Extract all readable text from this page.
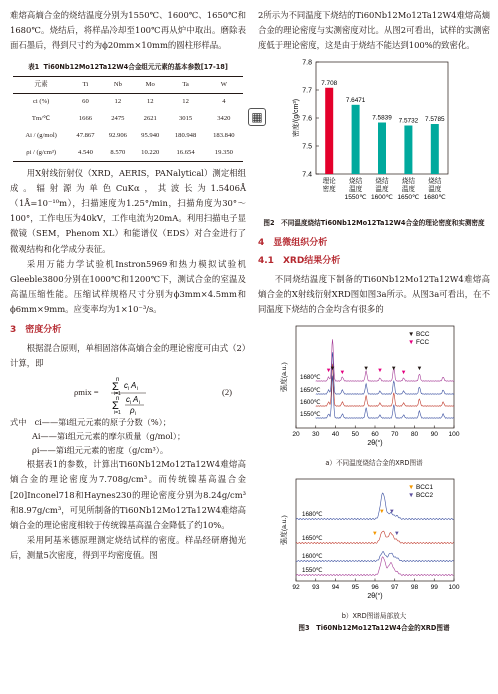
难熔高熵合金的烧结温度分别为1550℃、1600℃、1650℃和1680℃。烧结后，将样品冷却至100℃再从炉中取出。磨除表面石墨后，得到尺寸约为ϕ20mm×10mm的圆柱形样品。

表1 Ti60Nb12Mo12Ta12W4合金组元元素的基本参数[17-18]
元素	Ti	Nb	Mo	Ta	W
ci (%)	60	12	12	12	4
Tm/℃	1666	2475	2621	3015	3420
Ai / (g/mol)	47.867	92.906	95.940	180.948	183.840
ρi / (g/cm³)	4.540	8.570	10.220	16.654	19.350

用X射线衍射仪（XRD，AERIS，PANalytical）测定相组成。辐射源为单色CuKα，其波长为1.5406Å（1Å=10⁻¹⁰m），扫描速度为1.25°/min，扫描角度为30°～100°，工作电压为40kV，工作电流为20mA。利用扫描电子显微镜（SEM，Phenom XL）和能谱仪（EDS）对合金进行了微观结构和化学成分表征。

采用万能力学试验机Instron5969和热力模拟试验机Gleeble3800分别在1000℃和1200℃下，测试合金的室温及高温压缩性能。压缩试样规格尺寸分别为ϕ3mm×4.5mm和ϕ6mm×9mm。应变率均为1×10⁻³/s。

3　密度分析

根据混合原则，单相固溶体高熵合金的理论密度可由式（2）计算，即

ρmix =
n
Σ
i=1
c i A i
n
Σ
i=1
c i A i
ρ i
(2)
式中　ci——第i组元元素的原子分数（%）；
Ai——第i组元元素的摩尔质量（g/mol）；
ρi——第i组元元素的密度（g/cm³）。

根据表1的参数，计算出Ti60Nb12Mo12Ta12W4难熔高熵合金的理论密度为7.708g/cm³。而传统镍基高温合金[20]Inconel718和Haynes230的理论密度分别为8.24g/cm³和8.97g/cm³，可见所制备的Ti60Nb12Mo12Ta12W4难熔高熵合金的理论密度相较于传统镍基高温合金降低了约10%。

采用阿基米德原理测定烧结试样的密度。样品经研磨抛光后，测量5次密度，得到平均密度值。图

▦

2所示为不同温度下烧结的Ti60Nb12Mo12Ta12W4难熔高熵合金的理论密度与实测密度对比。从图2可看出，试样的实测密度低于理论密度，这是由于烧结不能达到100%的致密化。

7.4
7.5
7.6
7.7
7.8
密度/(g/cm³)
7.708
理论
密度
7.6471
烧结
温度
1550℃
7.5839
烧结
温度
1600℃
7.5732
烧结
温度
1650℃
7.5785
烧结
温度
1680℃
图2　不同温度烧结Ti60Nb12Mo12Ta12W4合金的理论密度和实测密度
4　显微组织分析
4.1　XRD结果分析

不同烧结温度下制备的Ti60Nb12Mo12Ta12W4难熔高熵合金的X射线衍射XRD图如图3a所示。从图3a可看出，在不同温度下烧结的合金均含有很多的

20 30 40 50 60 70 80 90 100
2θ(°)
强度(a.u.)
1550℃
1600℃
1650℃
1680℃
▼	▼	▼	▼
▼ ▼	▼	▼
▼ BCC
▼ FCC
a）不同温度烧结合金的XRD图谱
92 93 94 95 96 97 98 99 100
2θ(°)
强度(a.u.)
1680℃
1650℃
1600℃
1550℃
▼ ▼
▼	▼
▼ BCC1
▼ BCC2
b）XRD图谱局部放大
图3　Ti60Nb12Mo12Ta12W4合金的XRD图谱
